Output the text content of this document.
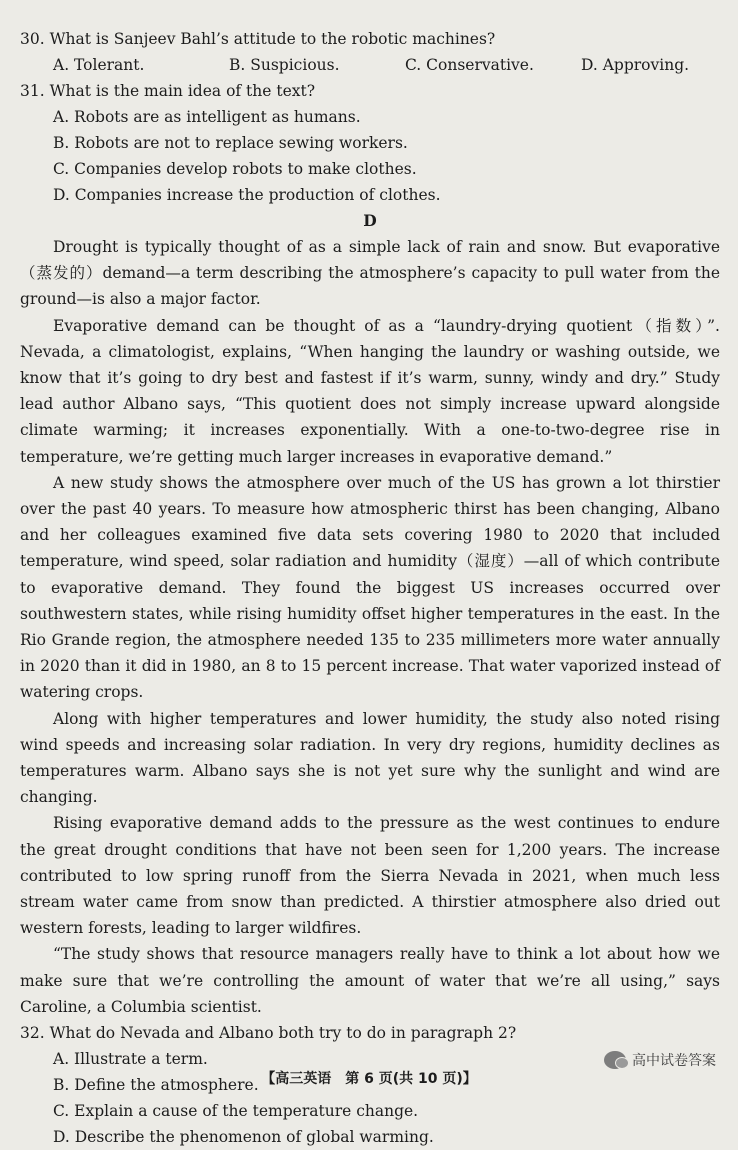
30. What is Sanjeev Bahl’s attitude to the robotic machines?

A. Tolerant.	B. Suspicious.	C. Conservative.	D. Approving.

31. What is the main idea of the text?

A. Robots are as intelligent as humans.

B. Robots are not to replace sewing workers.

C. Companies develop robots to make clothes.

D. Companies increase the production of clothes.

D

Drought is typically thought of as a simple lack of rain and snow. But evaporative（蒸发的）demand—a term describing the atmosphere’s capacity to pull water from the ground—is also a major factor.

Evaporative demand can be thought of as a “laundry-drying quotient（指数）”. Nevada, a climatologist, explains, “When hanging the laundry or washing outside, we know that it’s going to dry best and fastest if it’s warm, sunny, windy and dry.” Study lead author Albano says, “This quotient does not simply increase upward alongside climate warming; it increases exponentially. With a one-to-two-degree rise in temperature, we’re getting much larger increases in evaporative demand.”

A new study shows the atmosphere over much of the US has grown a lot thirstier over the past 40 years. To measure how atmospheric thirst has been changing, Albano and her colleagues examined five data sets covering 1980 to 2020 that included temperature, wind speed, solar radiation and humidity（湿度）—all of which contribute to evaporative demand. They found the biggest US increases occurred over southwestern states, while rising humidity offset higher temperatures in the east. In the Rio Grande region, the atmosphere needed 135 to 235 millimeters more water annually in 2020 than it did in 1980, an 8 to 15 percent increase. That water vaporized instead of watering crops.

Along with higher temperatures and lower humidity, the study also noted rising wind speeds and increasing solar radiation. In very dry regions, humidity declines as temperatures warm. Albano says she is not yet sure why the sunlight and wind are changing.

Rising evaporative demand adds to the pressure as the west continues to endure the great drought conditions that have not been seen for 1,200 years. The increase contributed to low spring runoff from the Sierra Nevada in 2021, when much less stream water came from snow than predicted. A thirstier atmosphere also dried out western forests, leading to larger wildfires.

“The study shows that resource managers really have to think a lot about how we make sure that we’re controlling the amount of water that we’re all using,” says Caroline, a Columbia scientist.

32. What do Nevada and Albano both try to do in paragraph 2?

A. Illustrate a term.

B. Define the atmosphere.

C. Explain a cause of the temperature change.

D. Describe the phenomenon of global warming.

高中试卷答案
【高三英语　第 6 页(共 10 页)】
